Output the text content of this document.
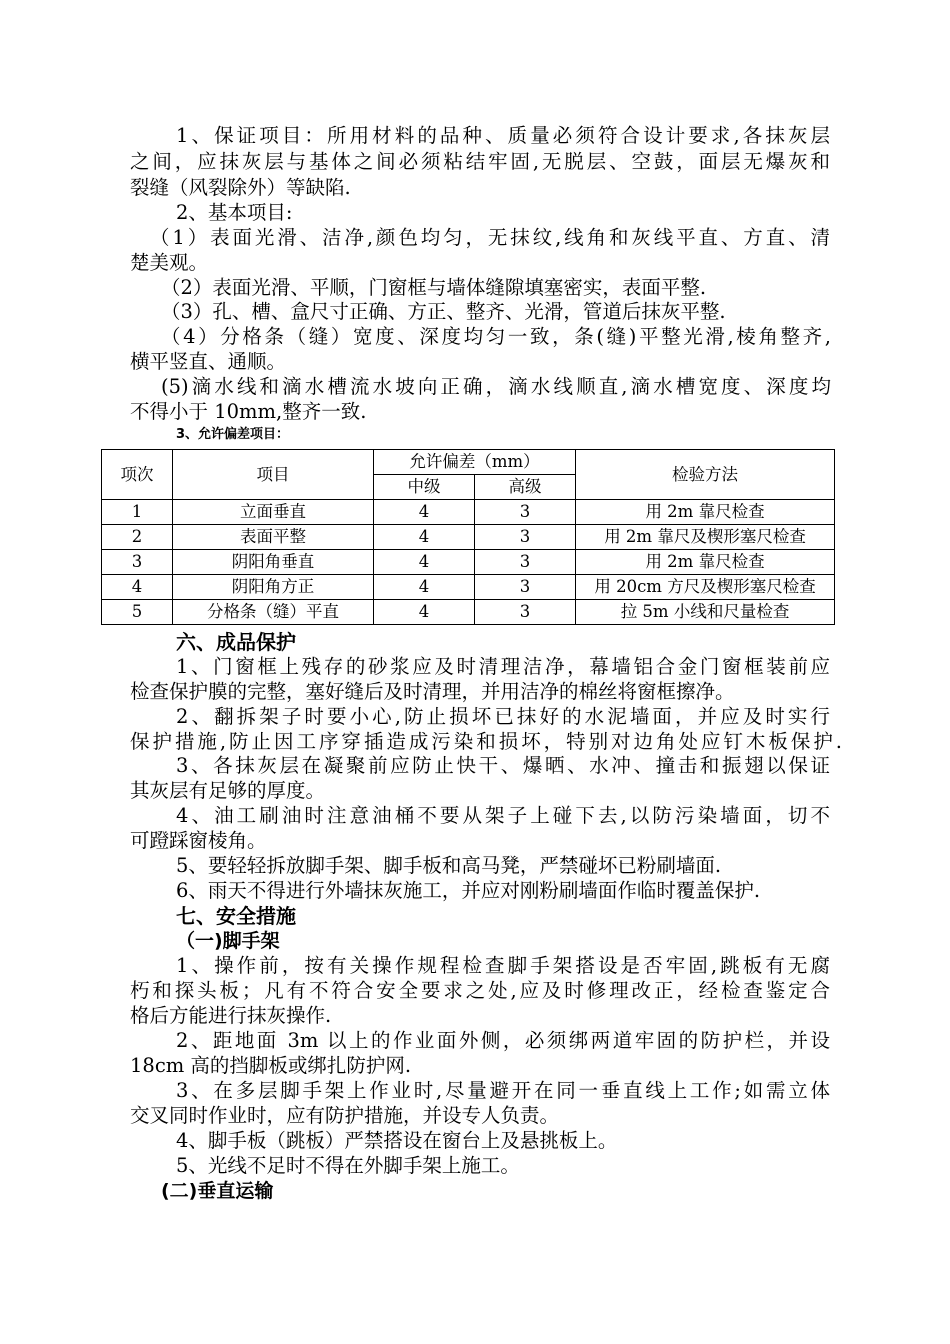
1、保证项目：所用材料的品种、质量必须符合设计要求,各抹灰层
之间，应抹灰层与基体之间必须粘结牢固,无脱层、空鼓，面层无爆灰和
裂缝（风裂除外）等缺陷.
2、基本项目:
（1）表面光滑、洁净,颜色均匀，无抹纹,线角和灰线平直、方直、清
楚美观。
（2）表面光滑、平顺，门窗框与墙体缝隙填塞密实，表面平整.
（3）孔、槽、盒尺寸正确、方正、整齐、光滑，管道后抹灰平整.
（4）分格条（缝）宽度、深度均匀一致，条(缝)平整光滑,棱角整齐,
横平竖直、通顺。
(5)滴水线和滴水槽流水坡向正确，滴水线顺直,滴水槽宽度、深度均
不得小于 10mm,整齐一致.
3、允许偏差项目：
项次	项目	允许偏差（mm）		检验方法
		中级	高级	
1	立面垂直	4	3	用 2m 靠尺检查
2	表面平整	4	3	用 2m 靠尺及楔形塞尺检查
3	阴阳角垂直	4	3	用 2m 靠尺检查
4	阴阳角方正	4	3	用 20cm 方尺及楔形塞尺检查
5	分格条（缝）平直	4	3	拉 5m 小线和尺量检查
六、成品保护
1、门窗框上残存的砂浆应及时清理洁净，幕墙铝合金门窗框装前应
检查保护膜的完整，塞好缝后及时清理，并用洁净的棉丝将窗框擦净。
2、翻拆架子时要小心,防止损坏已抹好的水泥墙面，并应及时实行
保护措施,防止因工序穿插造成污染和损坏，特别对边角处应钉木板保护.
3、各抹灰层在凝聚前应防止快干、爆晒、水冲、撞击和振翅以保证
其灰层有足够的厚度。
4、油工刷油时注意油桶不要从架子上碰下去,以防污染墙面，切不
可蹬踩窗棱角。
5、要轻轻拆放脚手架、脚手板和高马凳，严禁碰坏已粉刷墙面.
6、雨天不得进行外墙抹灰施工，并应对刚粉刷墙面作临时覆盖保护.
七、安全措施
（一)脚手架
1、操作前，按有关操作规程检查脚手架搭设是否牢固,跳板有无腐
朽和探头板；凡有不符合安全要求之处,应及时修理改正，经检查鉴定合
格后方能进行抹灰操作.
2、距地面 3m 以上的作业面外侧，必须绑两道牢固的防护栏，并设
18cm 高的挡脚板或绑扎防护网.
3、在多层脚手架上作业时,尽量避开在同一垂直线上工作;如需立体
交叉同时作业时，应有防护措施，并设专人负责。
4、脚手板（跳板）严禁搭设在窗台上及悬挑板上。
5、光线不足时不得在外脚手架上施工。
(二)垂直运输
